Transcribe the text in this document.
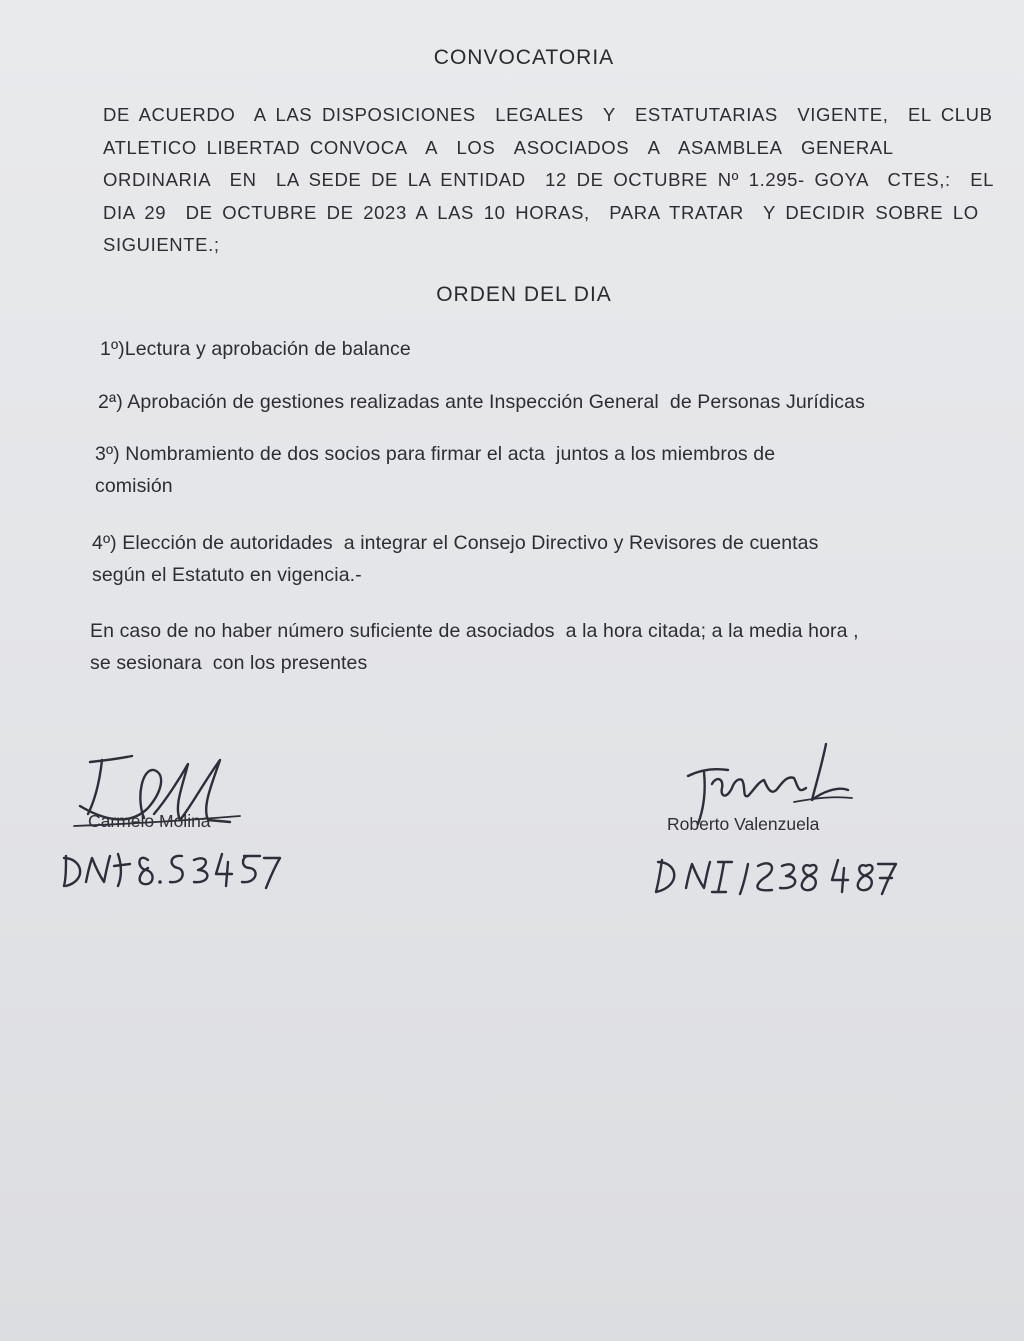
CONVOCATORIA
DE ACUERDO  A LAS DISPOSICIONES  LEGALES  Y  ESTATUTARIAS  VIGENTE,  EL CLUB
ATLETICO LIBERTAD CONVOCA  A  LOS  ASOCIADOS  A  ASAMBLEA  GENERAL
ORDINARIA  EN  LA SEDE DE LA ENTIDAD  12 DE OCTUBRE Nº 1.295- GOYA  CTES,:  EL
DIA 29  DE OCTUBRE DE 2023 A LAS 10 HORAS,  PARA TRATAR  Y DECIDIR SOBRE LO
SIGUIENTE.;
ORDEN DEL DIA
1º)Lectura y aprobación de balance
2ª) Aprobación de gestiones realizadas ante Inspección General  de Personas Jurídicas
3º) Nombramiento de dos socios para firmar el acta  juntos a los miembros de
comisión
4º) Elección de autoridades  a integrar el Consejo Directivo y Revisores de cuentas
según el Estatuto en vigencia.-
En caso de no haber número suficiente de asociados  a la hora citada; a la media hora ,
se sesionara  con los presentes
Carmelo Molina	Roberto Valenzuela
